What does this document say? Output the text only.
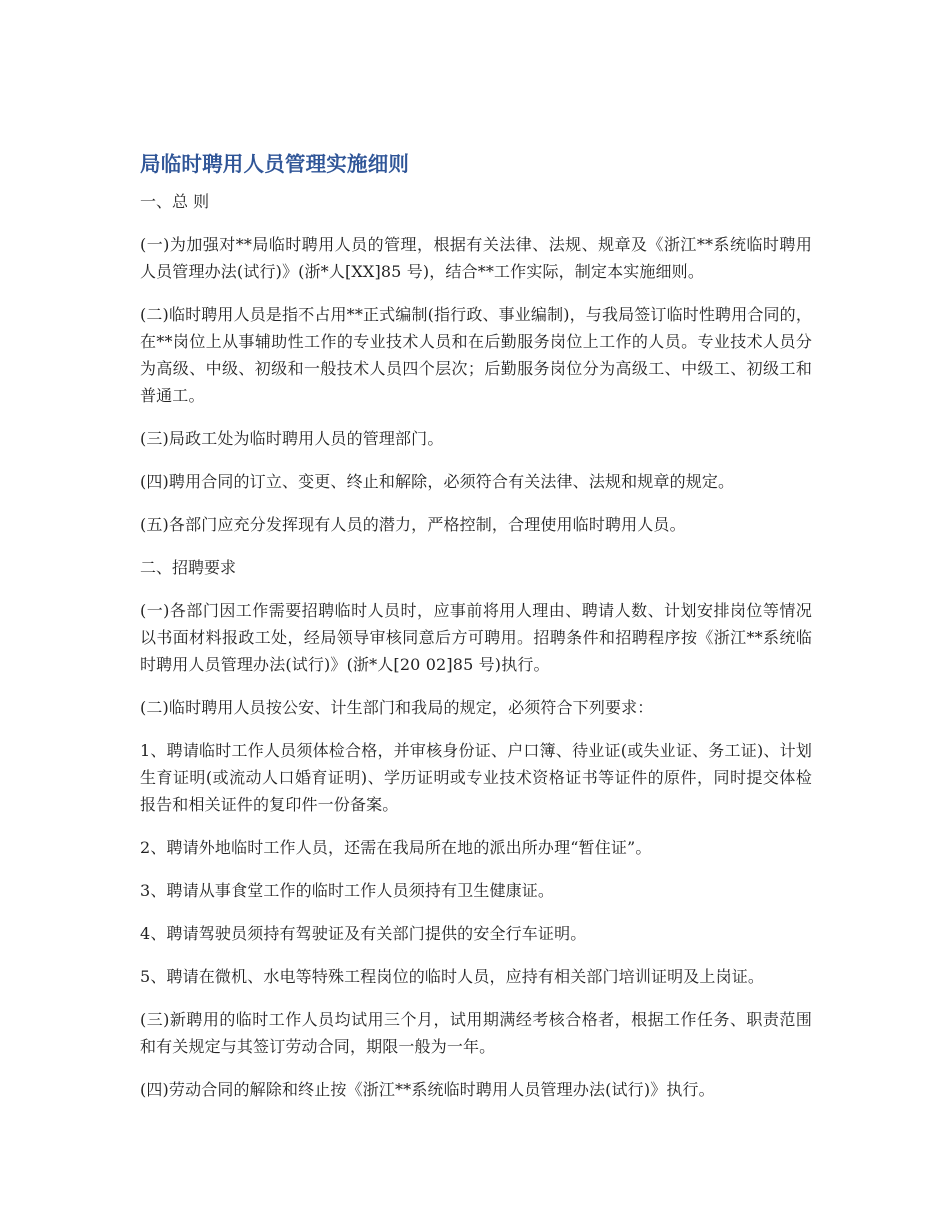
局临时聘用人员管理实施细则
一、总 则

(一)为加强对**局临时聘用人员的管理，根据有关法律、法规、规章及《浙江**系统临时聘用人员管理办法(试行)》(浙*人[XX]85 号)，结合**工作实际，制定本实施细则。

(二)临时聘用人员是指不占用**正式编制(指行政、事业编制)，与我局签订临时性聘用合同的，在**岗位上从事辅助性工作的专业技术人员和在后勤服务岗位上工作的人员。专业技术人员分为高级、中级、初级和一般技术人员四个层次；后勤服务岗位分为高级工、中级工、初级工和普通工。

(三)局政工处为临时聘用人员的管理部门。

(四)聘用合同的订立、变更、终止和解除，必须符合有关法律、法规和规章的规定。

(五)各部门应充分发挥现有人员的潜力，严格控制，合理使用临时聘用人员。

二、招聘要求

(一)各部门因工作需要招聘临时人员时，应事前将用人理由、聘请人数、计划安排岗位等情况以书面材料报政工处，经局领导审核同意后方可聘用。招聘条件和招聘程序按《浙江**系统临时聘用人员管理办法(试行)》(浙*人[20 02]85 号)执行。

(二)临时聘用人员按公安、计生部门和我局的规定，必须符合下列要求：

1、聘请临时工作人员须体检合格，并审核身份证、户口簿、待业证(或失业证、务工证)、计划生育证明(或流动人口婚育证明)、学历证明或专业技术资格证书等证件的原件，同时提交体检报告和相关证件的复印件一份备案。

2、聘请外地临时工作人员，还需在我局所在地的派出所办理“暂住证”。

3、聘请从事食堂工作的临时工作人员须持有卫生健康证。

4、聘请驾驶员须持有驾驶证及有关部门提供的安全行车证明。

5、聘请在微机、水电等特殊工程岗位的临时人员，应持有相关部门培训证明及上岗证。

(三)新聘用的临时工作人员均试用三个月，试用期满经考核合格者，根据工作任务、职责范围和有关规定与其签订劳动合同，期限一般为一年。

(四)劳动合同的解除和终止按《浙江**系统临时聘用人员管理办法(试行)》执行。
